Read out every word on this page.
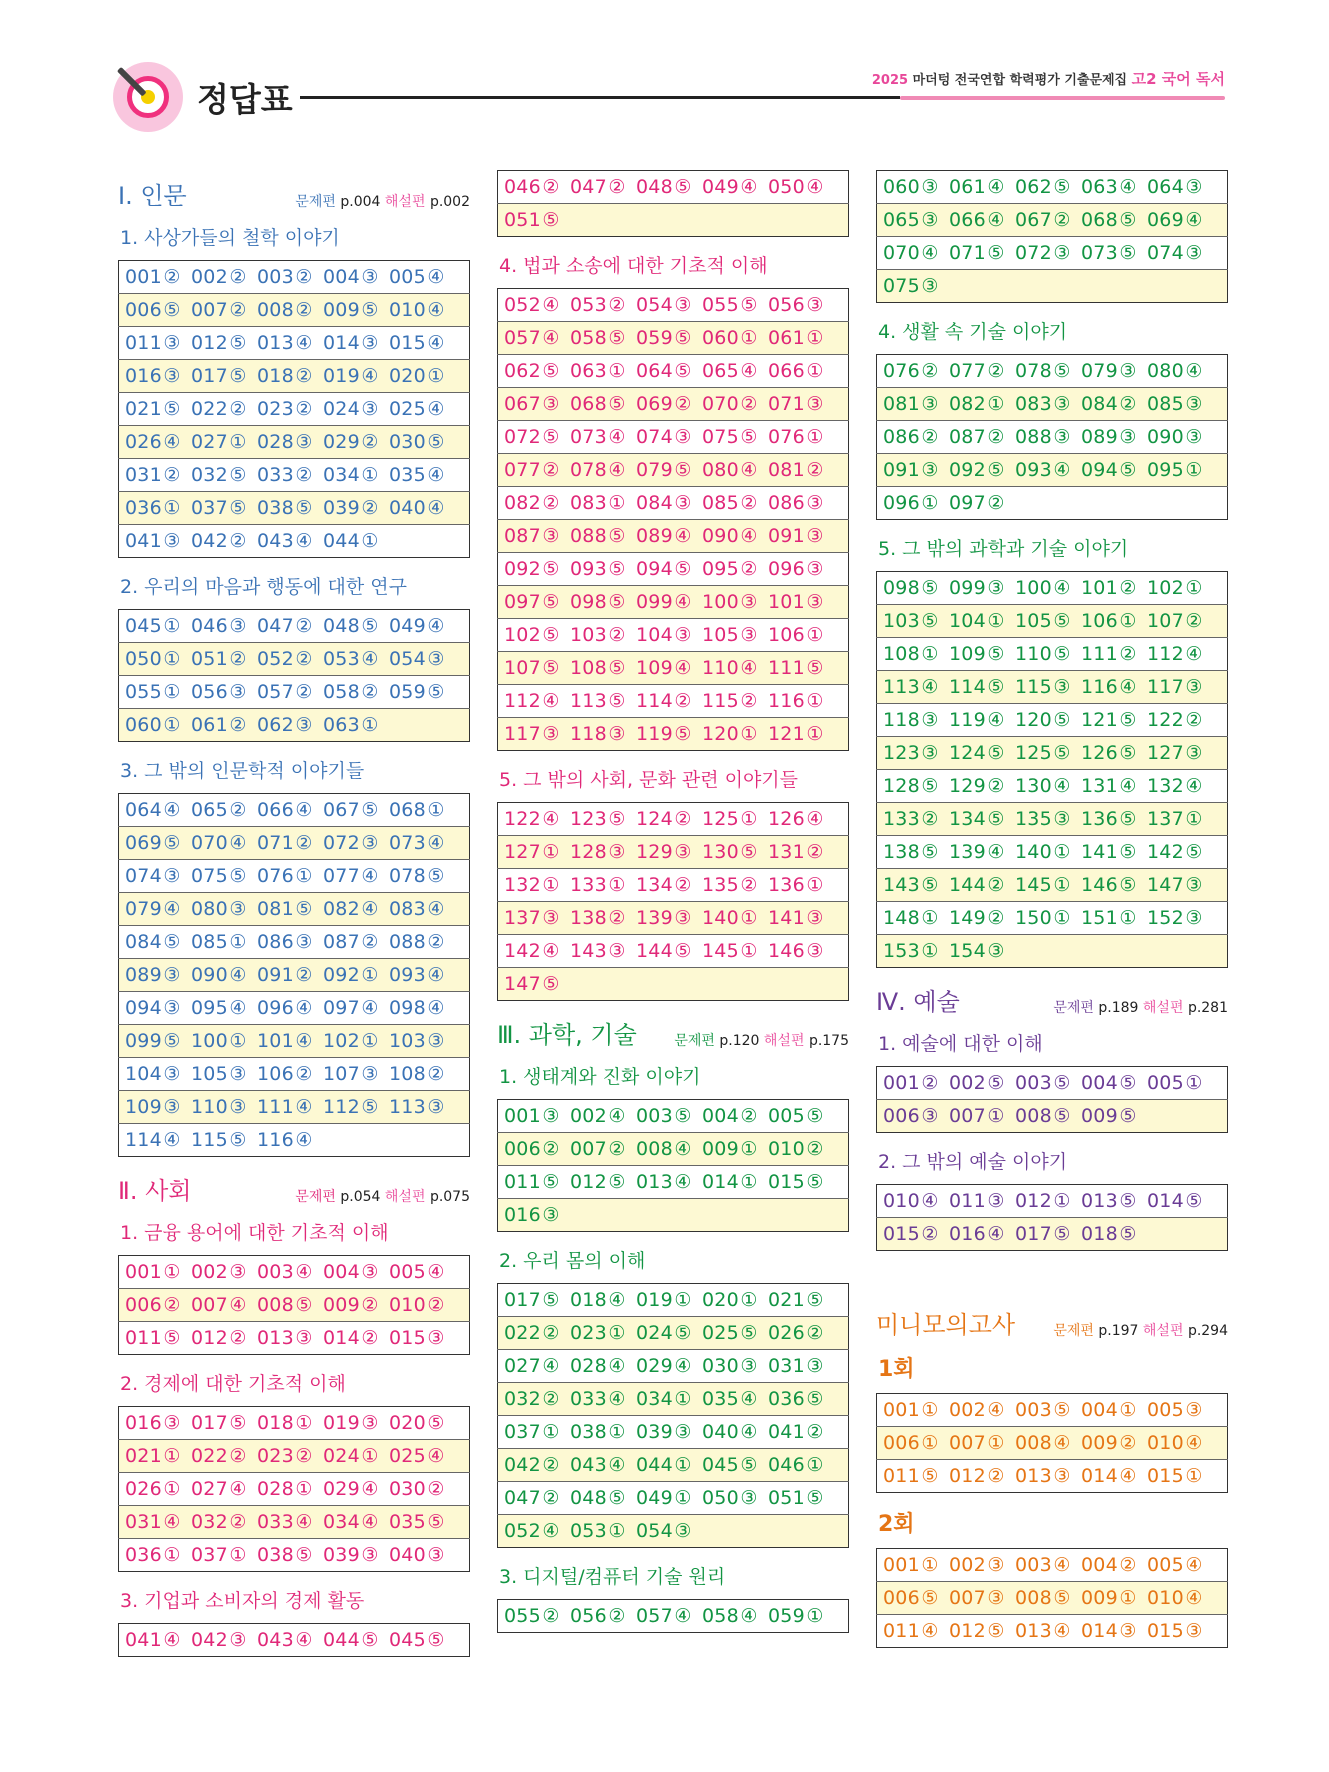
정답표	2025 마더텅 전국연합 학력평가 기출문제집 고2 국어 독서
Ⅰ. 인문	문제편 p.004 해설편 p.002
1. 사상가들의 철학 이야기
001② 002② 003② 004③ 005④
006⑤ 007② 008② 009⑤ 010④
011③ 012⑤ 013④ 014③ 015④
016③ 017⑤ 018② 019④ 020①
021⑤ 022② 023② 024③ 025④
026④ 027① 028③ 029② 030⑤
031② 032⑤ 033② 034① 035④
036① 037⑤ 038⑤ 039② 040④
041③ 042② 043④ 044①
2. 우리의 마음과 행동에 대한 연구
045① 046③ 047② 048⑤ 049④
050① 051② 052② 053④ 054③
055① 056③ 057② 058② 059⑤
060① 061② 062③ 063①
3. 그 밖의 인문학적 이야기들
064④ 065② 066④ 067⑤ 068①
069⑤ 070④ 071② 072③ 073④
074③ 075⑤ 076① 077④ 078⑤
079④ 080③ 081⑤ 082④ 083④
084⑤ 085① 086③ 087② 088②
089③ 090④ 091② 092① 093④
094③ 095④ 096④ 097④ 098④
099⑤ 100① 101④ 102① 103③
104③ 105③ 106② 107③ 108②
109③ 110③ 111④ 112⑤ 113③
114④ 115⑤ 116④
Ⅱ. 사회	문제편 p.054 해설편 p.075
1. 금융 용어에 대한 기초적 이해
001① 002③ 003④ 004③ 005④
006② 007④ 008⑤ 009② 010②
011⑤ 012② 013③ 014② 015③
2. 경제에 대한 기초적 이해
016③ 017⑤ 018① 019③ 020⑤
021① 022② 023② 024① 025④
026① 027④ 028① 029④ 030②
031④ 032② 033④ 034④ 035⑤
036① 037① 038⑤ 039③ 040③
3. 기업과 소비자의 경제 활동
041④ 042③ 043④ 044⑤ 045⑤
046② 047② 048⑤ 049④ 050④
051⑤
4. 법과 소송에 대한 기초적 이해
052④ 053② 054③ 055⑤ 056③
057④ 058⑤ 059⑤ 060① 061①
062⑤ 063① 064⑤ 065④ 066①
067③ 068⑤ 069② 070② 071③
072⑤ 073④ 074③ 075⑤ 076①
077② 078④ 079⑤ 080④ 081②
082② 083① 084③ 085② 086③
087③ 088⑤ 089④ 090④ 091③
092⑤ 093⑤ 094⑤ 095② 096③
097⑤ 098⑤ 099④ 100③ 101③
102⑤ 103② 104③ 105③ 106①
107⑤ 108⑤ 109④ 110④ 111⑤
112④ 113⑤ 114② 115② 116①
117③ 118③ 119⑤ 120① 121①
5. 그 밖의 사회, 문화 관련 이야기들
122④ 123⑤ 124② 125① 126④
127① 128③ 129③ 130⑤ 131②
132① 133① 134② 135② 136①
137③ 138② 139③ 140① 141③
142④ 143③ 144⑤ 145① 146③
147⑤
Ⅲ. 과학, 기술	문제편 p.120 해설편 p.175
1. 생태계와 진화 이야기
001③ 002④ 003⑤ 004② 005⑤
006② 007② 008④ 009① 010②
011⑤ 012⑤ 013④ 014① 015⑤
016③
2. 우리 몸의 이해
017⑤ 018④ 019① 020① 021⑤
022② 023① 024⑤ 025⑤ 026②
027④ 028④ 029④ 030③ 031③
032② 033④ 034① 035④ 036⑤
037① 038① 039③ 040④ 041②
042② 043④ 044① 045⑤ 046①
047② 048⑤ 049① 050③ 051⑤
052④ 053① 054③
3. 디지털/컴퓨터 기술 원리
055② 056② 057④ 058④ 059①
060③ 061④ 062⑤ 063④ 064③
065③ 066④ 067② 068⑤ 069④
070④ 071⑤ 072③ 073⑤ 074③
075③
4. 생활 속 기술 이야기
076② 077② 078⑤ 079③ 080④
081③ 082① 083③ 084② 085③
086② 087② 088③ 089③ 090③
091③ 092⑤ 093④ 094⑤ 095①
096① 097②
5. 그 밖의 과학과 기술 이야기
098⑤ 099③ 100④ 101② 102①
103⑤ 104① 105⑤ 106① 107②
108① 109⑤ 110⑤ 111② 112④
113④ 114⑤ 115③ 116④ 117③
118③ 119④ 120⑤ 121⑤ 122②
123③ 124⑤ 125⑤ 126⑤ 127③
128⑤ 129② 130④ 131④ 132④
133② 134⑤ 135③ 136⑤ 137①
138⑤ 139④ 140① 141⑤ 142⑤
143⑤ 144② 145① 146⑤ 147③
148① 149② 150① 151① 152③
153① 154③
Ⅳ. 예술	문제편 p.189 해설편 p.281
1. 예술에 대한 이해
001② 002⑤ 003⑤ 004⑤ 005①
006③ 007① 008⑤ 009⑤
2. 그 밖의 예술 이야기
010④ 011③ 012① 013⑤ 014⑤
015② 016④ 017⑤ 018⑤
미니모의고사	문제편 p.197 해설편 p.294
1회
001① 002④ 003⑤ 004① 005③
006① 007① 008④ 009② 010④
011⑤ 012② 013③ 014④ 015①
2회
001① 002③ 003④ 004② 005④
006⑤ 007③ 008⑤ 009① 010④
011④ 012⑤ 013④ 014③ 015③
